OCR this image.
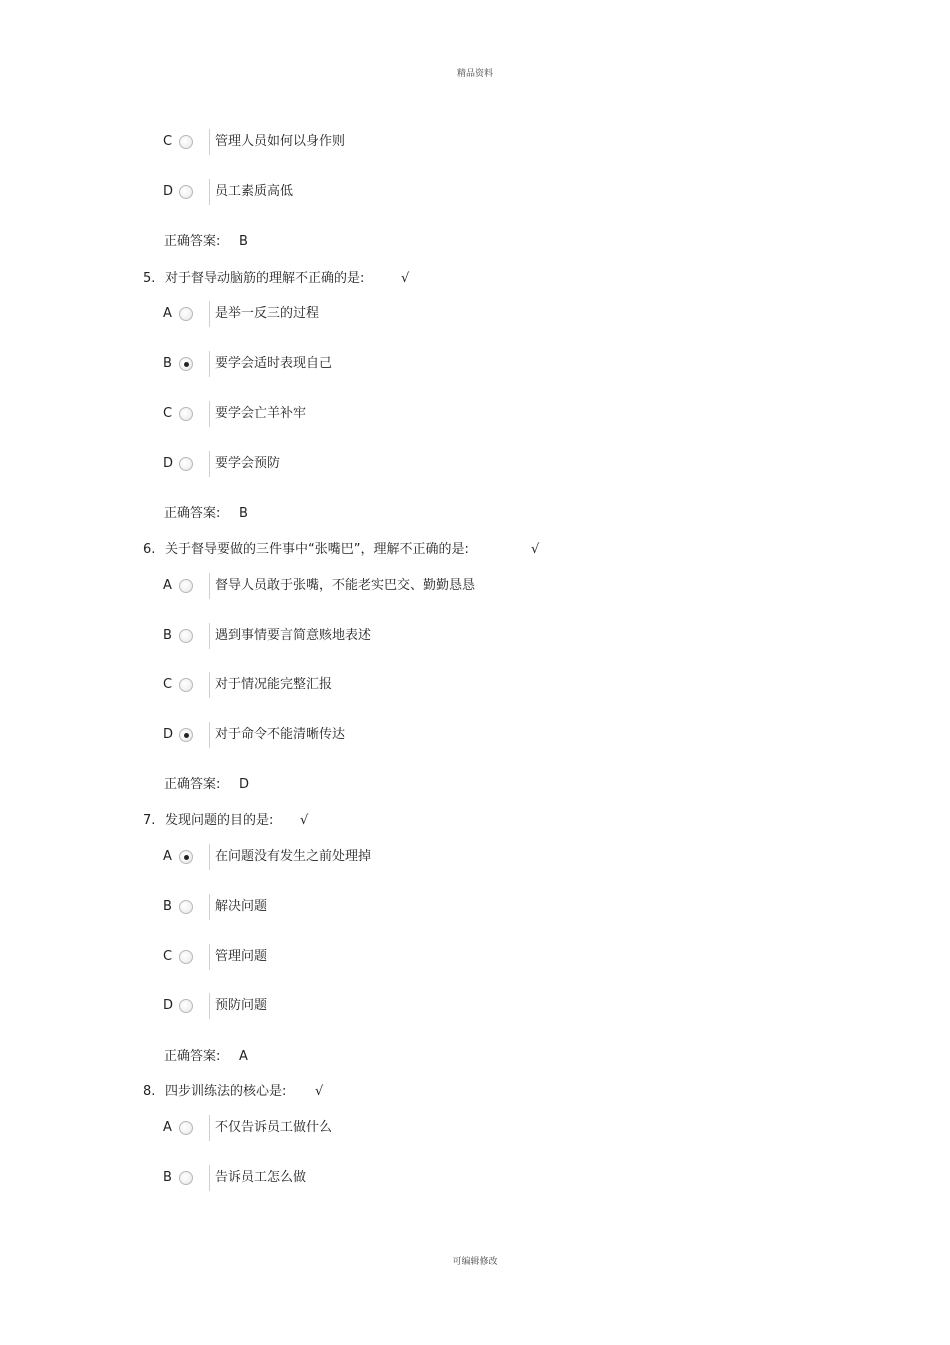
精品资料
C	管理人员如何以身作则
D	员工素质高低
正确答案: B
5. 对于督导动脑筋的理解不正确的是:	√
A	是举一反三的过程
B	要学会适时表现自己
C	要学会亡羊补牢
D	要学会预防
正确答案: B
6. 关于督导要做的三件事中“张嘴巴”，理解不正确的是:	√
A	督导人员敢于张嘴，不能老实巴交、勤勤恳恳
B	遇到事情要言简意赅地表述
C	对于情况能完整汇报
D	对于命令不能清晰传达
正确答案: D
7. 发现问题的目的是: √
A	在问题没有发生之前处理掉
B	解决问题
C	管理问题
D	预防问题
正确答案: A
8. 四步训练法的核心是: √
A	不仅告诉员工做什么
B	告诉员工怎么做
可编辑修改
